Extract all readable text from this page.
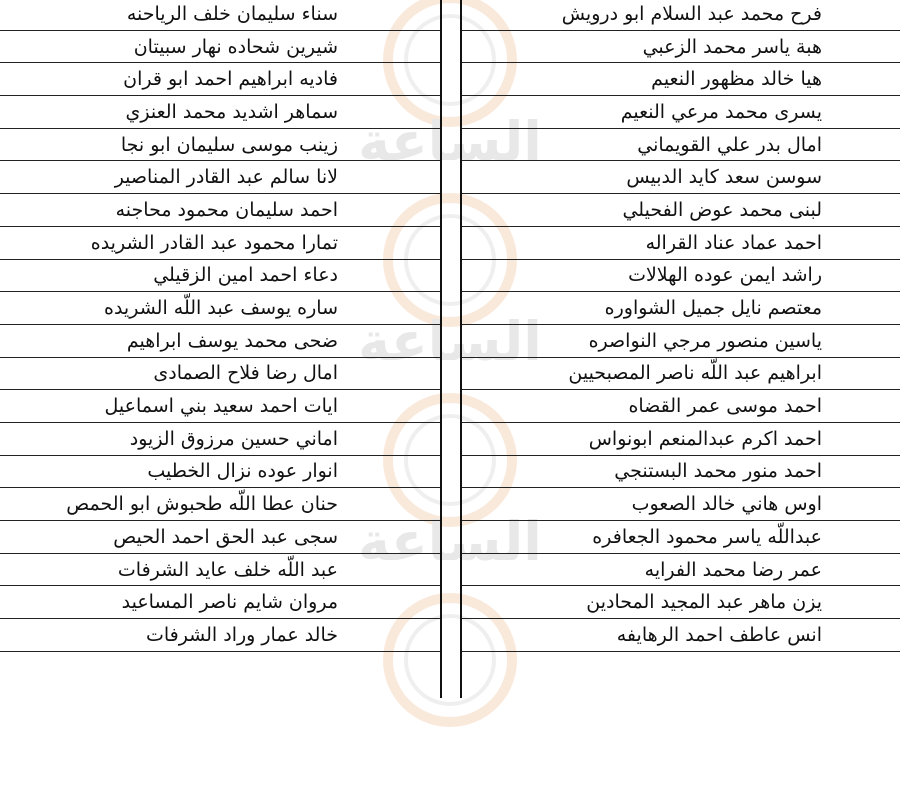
الساعة
الساعة
الساعة
سناء سليمان خلف الرياحنه
شيرين شحاده نهار سبيتان
فاديه ابراهيم احمد ابو قران
سماهر اشديد محمد العنزي
زينب موسى سليمان ابو نجا
لانا سالم عبد القادر المناصير
احمد سليمان محمود محاجنه
تمارا محمود عبد القادر الشريده
دعاء احمد امين الزقيلي
ساره يوسف عبد اللّه الشريده
ضحى محمد يوسف ابراهيم
امال رضا فلاح الصمادى
ايات احمد سعيد بني اسماعيل
اماني حسين مرزوق الزيود
انوار عوده نزال الخطيب
حنان عطا اللّه طحبوش ابو الحمص
سجى عبد الحق احمد الحيص
عبد اللّه خلف عايد الشرفات
مروان شايم ناصر المساعيد
خالد عمار وراد الشرفات
فرح محمد عبد السلام ابو درويش
هبة ياسر محمد الزعبي
هيا خالد مظهور النعيم
يسرى محمد مرعي النعيم
امال بدر علي القويماني
سوسن سعد كايد الدبيس
لبنى محمد عوض الفحيلي
احمد عماد عناد القراله
راشد ايمن عوده الهلالات
معتصم نايل جميل الشواوره
ياسين منصور مرجي النواصره
ابراهيم عبد اللّه ناصر المصبحيين
احمد موسى عمر القضاه
احمد اكرم عبدالمنعم ابونواس
احمد منور محمد البستنجي
اوس هاني خالد الصعوب
عبداللّه ياسر محمود الجعافره
عمر رضا محمد الفرايه
يزن ماهر عبد المجيد المحادين
انس عاطف احمد الرهايفه
